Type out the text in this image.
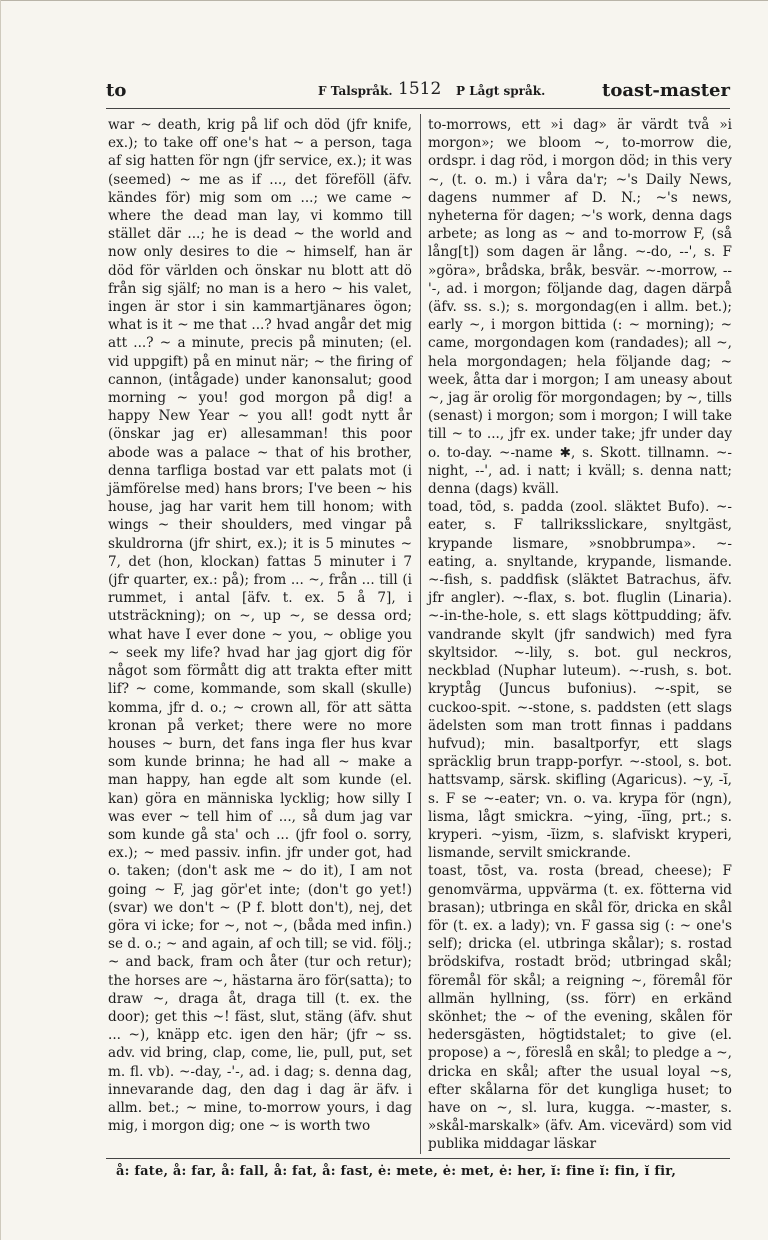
to	F Talspråk. 1512 P Lågt språk.	toast-master

war ~ death, krig på lif och död (jfr knife, ex.); to take off one's hat ~ a person, taga af sig hatten för ngn (jfr service, ex.); it was (seemed) ~ me as if ..., det föreföll (äfv. kändes för) mig som om ...; we came ~ where the dead man lay, vi kommo till stället där ...; he is dead ~ the world and now only desires to die ~ himself, han är död för världen och önskar nu blott att dö från sig själf; no man is a hero ~ his valet, ingen är stor i sin kammartjänares ögon; what is it ~ me that ...? hvad angår det mig att ...? ~ a minute, precis på minuten; (el. vid uppgift) på en minut när; ~ the firing of cannon, (intågade) under kanonsalut; good morning ~ you! god morgon på dig! a happy New Year ~ you all! godt nytt år (önskar jag er) allesamman! this poor abode was a palace ~ that of his brother, denna tarfliga bostad var ett palats mot (i jämförelse med) hans brors; I've been ~ his house, jag har varit hem till honom; with wings ~ their shoulders, med vingar på skuldrorna (jfr shirt, ex.); it is 5 minutes ~ 7, det (hon, klockan) fattas 5 minuter i 7 (jfr quarter, ex.: på); from ... ~, från ... till (i rummet, i antal [äfv. t. ex. 5 å 7], i utsträckning); on ~, up ~, se dessa ord; what have I ever done ~ you, ~ oblige you ~ seek my life? hvad har jag gjort dig för något som förmått dig att trakta efter mitt lif? ~ come, kommande, som skall (skulle) komma, jfr d. o.; ~ crown all, för att sätta kronan på verket; there were no more houses ~ burn, det fans inga fler hus kvar som kunde brinna; he had all ~ make a man happy, han egde alt som kunde (el. kan) göra en människa lycklig; how silly I was ever ~ tell him of ..., så dum jag var som kunde gå sta' och ... (jfr fool o. sorry, ex.); ~ med passiv. infin. jfr under got, had o. taken; (don't ask me ~ do it), I am not going ~ F, jag gör'et inte; (don't go yet!) (svar) we don't ~ (P f. blott don't), nej, det göra vi icke; for ~, not ~, (båda med infin.) se d. o.; ~ and again, af och till; se vid. följ.; ~ and back, fram och åter (tur och retur); the horses are ~, hästarna äro för(satta); to draw ~, draga åt, draga till (t. ex. the door); get this ~! fäst, slut, stäng (äfv. shut ... ~), knäpp etc. igen den här; (jfr ~ ss. adv. vid bring, clap, come, lie, pull, put, set m. fl. vb). ~-day, -'-, ad. i dag; s. denna dag, innevarande dag, den dag i dag är äfv. i allm. bet.; ~ mine, to-morrow yours, i dag mig, i morgon dig; one ~ is worth two

to-morrows, ett »i dag» är värdt två »i morgon»; we bloom ~, to-morrow die, ordspr. i dag röd, i morgon död; in this very ~, (t. o. m.) i våra da'r; ~'s Daily News, dagens nummer af D. N.; ~'s news, nyheterna för dagen; ~'s work, denna dags arbete; as long as ~ and to-morrow F, (så lång[t]) som dagen är lång. ~-do, --', s. F »göra», brådska, bråk, besvär. ~-morrow, --'-, ad. i morgon; följande dag, dagen därpå (äfv. ss. s.); s. morgondag(en i allm. bet.); early ~, i morgon bittida (: ~ morning); ~ came, morgondagen kom (randades); all ~, hela morgondagen; hela följande dag; ~ week, åtta dar i morgon; I am uneasy about ~, jag är orolig för morgondagen; by ~, tills (senast) i morgon; som i morgon; I will take till ~ to ..., jfr ex. under take; jfr under day o. to-day. ~-name ✱, s. Skott. tillnamn. ~-night, --', ad. i natt; i kväll; s. denna natt; denna (dags) kväll.

toad, tōd, s. padda (zool. släktet Bufo). ~-eater, s. F tallriksslickare, snyltgäst, krypande lismare, »snobbrumpa». ~-eating, a. snyltande, krypande, lismande. ~-fish, s. paddfisk (släktet Batrachus, äfv. jfr angler). ~-flax, s. bot. fluglin (Linaria). ~-in-the-hole, s. ett slags köttpudding; äfv. vandrande skylt (jfr sandwich) med fyra skyltsidor. ~-lily, s. bot. gul neckros, neckblad (Nuphar luteum). ~-rush, s. bot. kryptåg (Juncus bufonius). ~-spit, se cuckoo-spit. ~-stone, s. paddsten (ett slags ädelsten som man trott finnas i paddans hufvud); min. basaltporfyr, ett slags spräcklig brun trapp-porfyr. ~-stool, s. bot. hattsvamp, särsk. skifling (Agaricus). ~y, -ĭ, s. F se ~-eater; vn. o. va. krypa för (ngn), lisma, lågt smickra. ~ying, -ĭĭng, prt.; s. kryperi. ~yism, -ĭizm, s. slafviskt kryperi, lismande, servilt smickrande.

toast, tōst, va. rosta (bread, cheese); F genomvärma, uppvärma (t. ex. fötterna vid brasan); utbringa en skål för, dricka en skål för (t. ex. a lady); vn. F gassa sig (: ~ one's self); dricka (el. utbringa skålar); s. rostad brödskifva, rostadt bröd; utbringad skål; föremål för skål; a reigning ~, föremål för allmän hyllning, (ss. förr) en erkänd skönhet; the ~ of the evening, skålen för hedersgästen, högtidstalet; to give (el. propose) a ~, föreslå en skål; to pledge a ~, dricka en skål; after the usual loyal ~s, efter skålarna för det kungliga huset; to have on ~, sl. lura, kugga. ~-master, s. »skål-marskalk» (äfv. Am. vicevärd) som vid publika middagar läskar

å: fate, å: far, å: fall, å: fat, å: fast, ė: mete, ė: met, ė: her, ĭ: fine ĭ: fin, ĭ fir,
